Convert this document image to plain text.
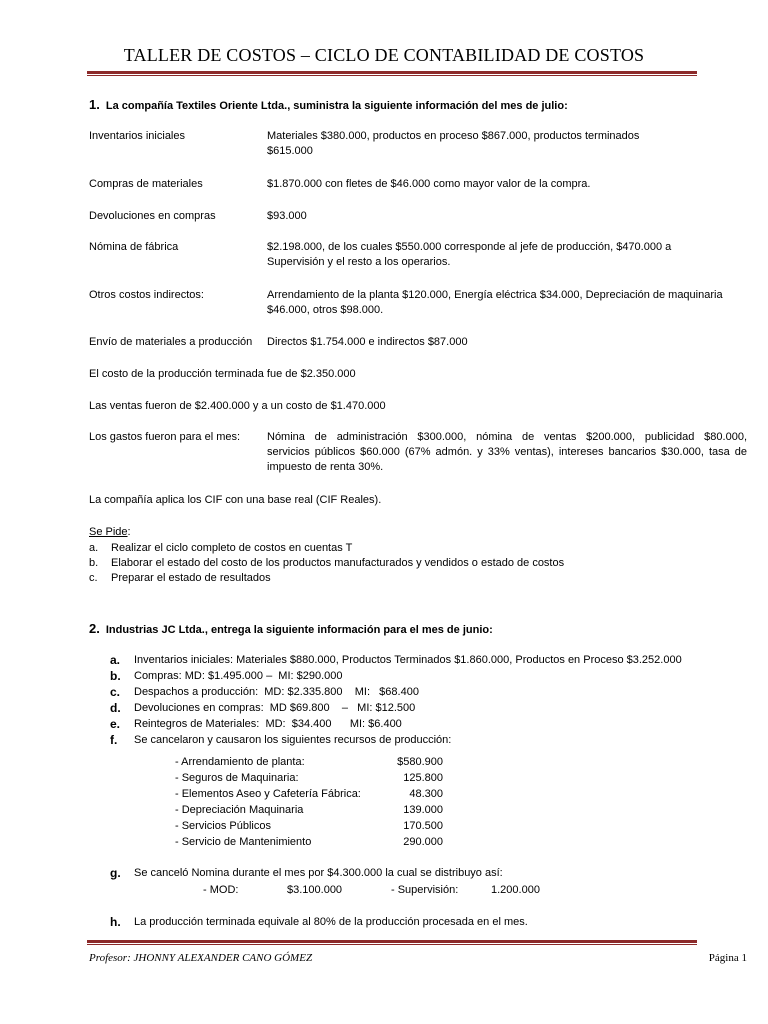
TALLER DE COSTOS – CICLO DE CONTABILIDAD DE COSTOS
1. La compañía Textiles Oriente Ltda., suministra la siguiente información del mes de julio:
Inventarios iniciales	Materiales $380.000, productos en proceso $867.000, productos terminados
$615.000
Compras de materiales	$1.870.000 con fletes de $46.000 como mayor valor de la compra.
Devoluciones en compras	$93.000
Nómina de fábrica	$2.198.000, de los cuales $550.000 corresponde al jefe de producción, $470.000 a
Supervisión y el resto a los operarios.
Otros costos indirectos:	Arrendamiento de la planta $120.000, Energía eléctrica $34.000, Depreciación de maquinaria
$46.000, otros $98.000.
Envío de materiales a producción	Directos $1.754.000 e indirectos $87.000
El costo de la producción terminada fue de $2.350.000
Las ventas fueron de $2.400.000 y a un costo de $1.470.000
Los gastos fueron para el mes:	Nómina de administración $300.000, nómina de ventas $200.000, publicidad $80.000,
servicios públicos $60.000 (67% admón. y 33% ventas), intereses bancarios $30.000, tasa de
impuesto de renta 30%.
La compañía aplica los CIF con una base real (CIF Reales).
Se Pide:
a.	Realizar el ciclo completo de costos en cuentas T
b.	Elaborar el estado del costo de los productos manufacturados y vendidos o estado de costos
c.	Preparar el estado de resultados
2. Industrias JC Ltda., entrega la siguiente información para el mes de junio:
a.	Inventarios iniciales: Materiales $880.000, Productos Terminados $1.860.000, Productos en Proceso $3.252.000
b.	Compras: MD: $1.495.000 –  MI: $290.000
c.	Despachos a producción:  MD: $2.335.800    MI:   $68.400
d.	Devoluciones en compras:  MD $69.800    –   MI: $12.500
e.	Reintegros de Materiales:  MD:  $34.400      MI: $6.400
f.	Se cancelaron y causaron los siguientes recursos de producción:
- Arrendamiento de planta:	$580.900
- Seguros de Maquinaria:	125.800
- Elementos Aseo y Cafetería Fábrica:	48.300
- Depreciación Maquinaria	139.000
- Servicios Públicos	170.500
- Servicio de Mantenimiento	290.000
g.	Se canceló Nomina durante el mes por $4.300.000 la cual se distribuyo así:
- MOD:	$3.100.000	- Supervisión:	1.200.000
h.	La producción terminada equivale al 80% de la producción procesada en el mes.
Profesor: JHONNY ALEXANDER CANO GÓMEZ	Página 1
